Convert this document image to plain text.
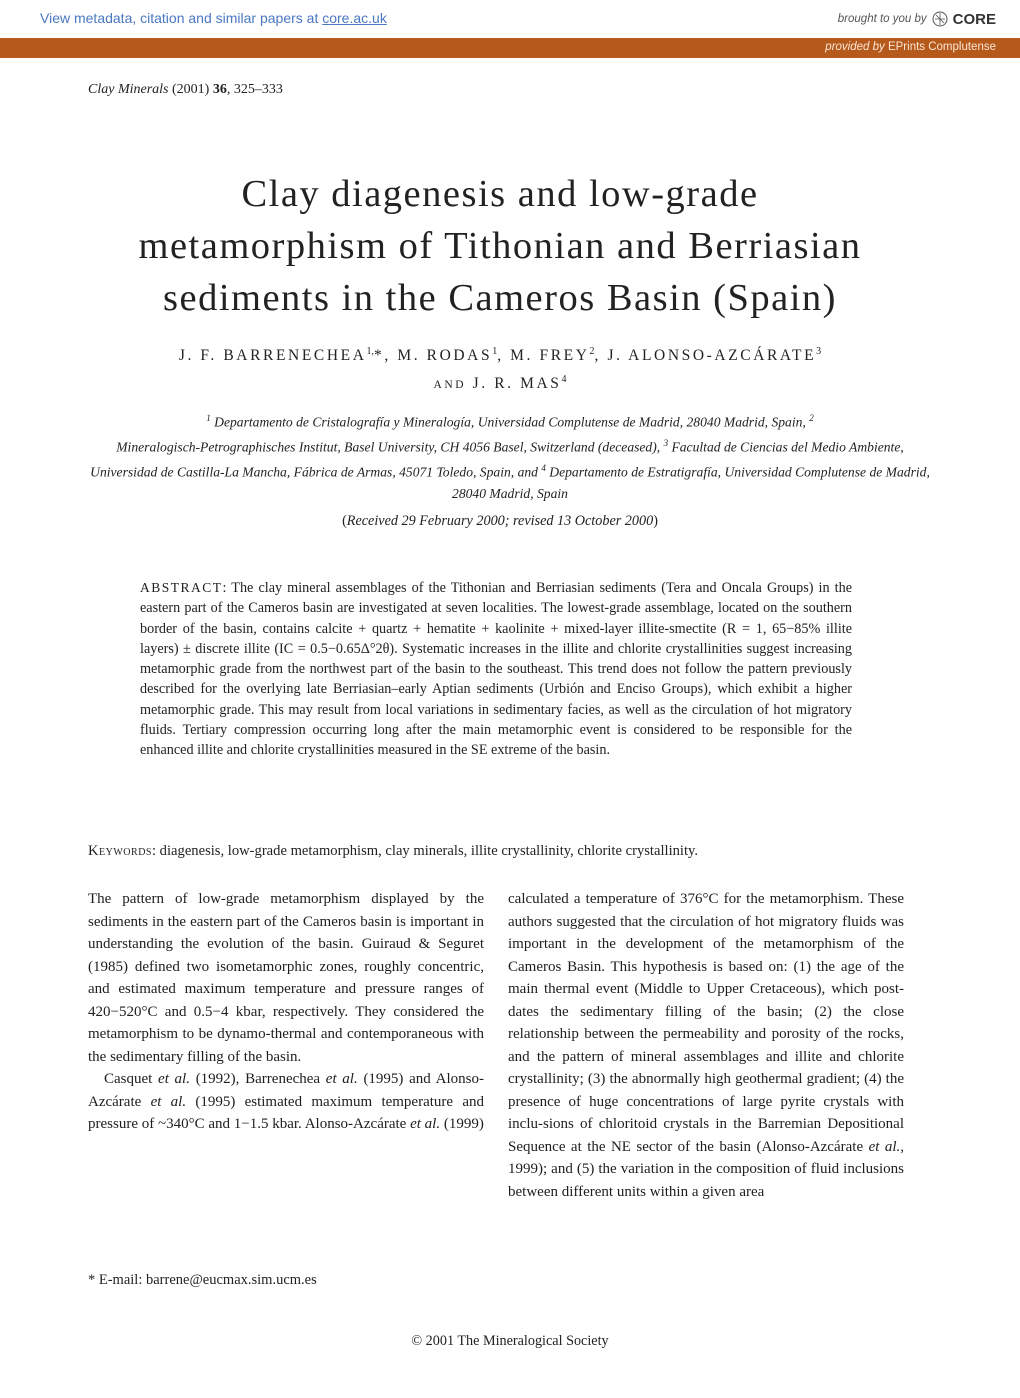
View metadata, citation and similar papers at core.ac.uk	brought to you by CORE
provided by EPrints Complutense
Clay Minerals (2001) 36, 325–333
Clay diagenesis and low-grade
metamorphism of Tithonian and Berriasian
sediments in the Cameros Basin (Spain)
J. F. $BARRENECHEA^{1,}*$, M. RODAS$^1$, M. FREY$^2$, J. ALONSO-AZCÁRATE$^3$
AND J. R. MAS$^4$
$^1$ Departamento de Cristalografía y Mineralogía, Universidad Complutense de Madrid, 28040 Madrid, Spain, $^2$
Mineralogisch-Petrographisches Institut, Basel University, CH 4056 Basel, Switzerland (deceased), $^3$ Facultad de Ciencias del Medio Ambiente, Universidad de Castilla-La Mancha, Fábrica de Armas, 45071 Toledo, Spain, and $^4$ Departamento de Estratigrafía, Universidad Complutense de Madrid, 28040 Madrid, Spain
(Received 29 February 2000; revised 13 October 2000)
ABSTRACT: The clay mineral assemblages of the Tithonian and Berriasian sediments (Tera and Oncala Groups) in the eastern part of the Cameros basin are investigated at seven localities. The lowest-grade assemblage, located on the southern border of the basin, contains calcite + quartz + hematite + kaolinite + mixed-layer illite-smectite (R = 1, 65−85% illite layers) ± discrete illite (IC = 0.5−0.65Δ°2θ). Systematic increases in the illite and chlorite crystallinities suggest increasing metamorphic grade from the northwest part of the basin to the southeast. This trend does not follow the pattern previously described for the overlying late Berriasian–early Aptian sediments (Urbión and Enciso Groups), which exhibit a higher metamorphic grade. This may result from local variations in sedimentary facies, as well as the circulation of hot migratory fluids. Tertiary compression occurring long after the main metamorphic event is considered to be responsible for the enhanced illite and chlorite crystallinities measured in the SE extreme of the basin.
Keywords: diagenesis, low-grade metamorphism, clay minerals, illite crystallinity, chlorite crystallinity.

The pattern of low-grade metamorphism displayed by the sediments in the eastern part of the Cameros basin is important in understanding the evolution of the basin. Guiraud & Seguret (1985) defined two isometamorphic zones, roughly concentric, and estimated maximum temperature and pressure ranges of 420−520°C and 0.5−4 kbar, respectively. They considered the metamorphism to be dynamo-thermal and contemporaneous with the sedimentary filling of the basin.

Casquet et al. (1992), Barrenechea et al. (1995) and Alonso-Azcárate et al. (1995) estimated maximum temperature and pressure of ~340°C and 1−1.5 kbar. Alonso-Azcárate et al. (1999)

calculated a temperature of 376°C for the metamorphism. These authors suggested that the circulation of hot migratory fluids was important in the development of the metamorphism of the Cameros Basin. This hypothesis is based on: (1) the age of the main thermal event (Middle to Upper Cretaceous), which post-dates the sedimentary filling of the basin; (2) the close relationship between the permeability and porosity of the rocks, and the pattern of mineral assemblages and illite and chlorite crystallinity; (3) the abnormally high geothermal gradient; (4) the presence of huge concentrations of large pyrite crystals with inclu-sions of chloritoid crystals in the Barremian Depositional Sequence at the NE sector of the basin (Alonso-Azcárate et al., 1999); and (5) the variation in the composition of fluid inclusions between different units within a given area

* E-mail: barrene@eucmax.sim.ucm.es
© 2001 The Mineralogical Society
